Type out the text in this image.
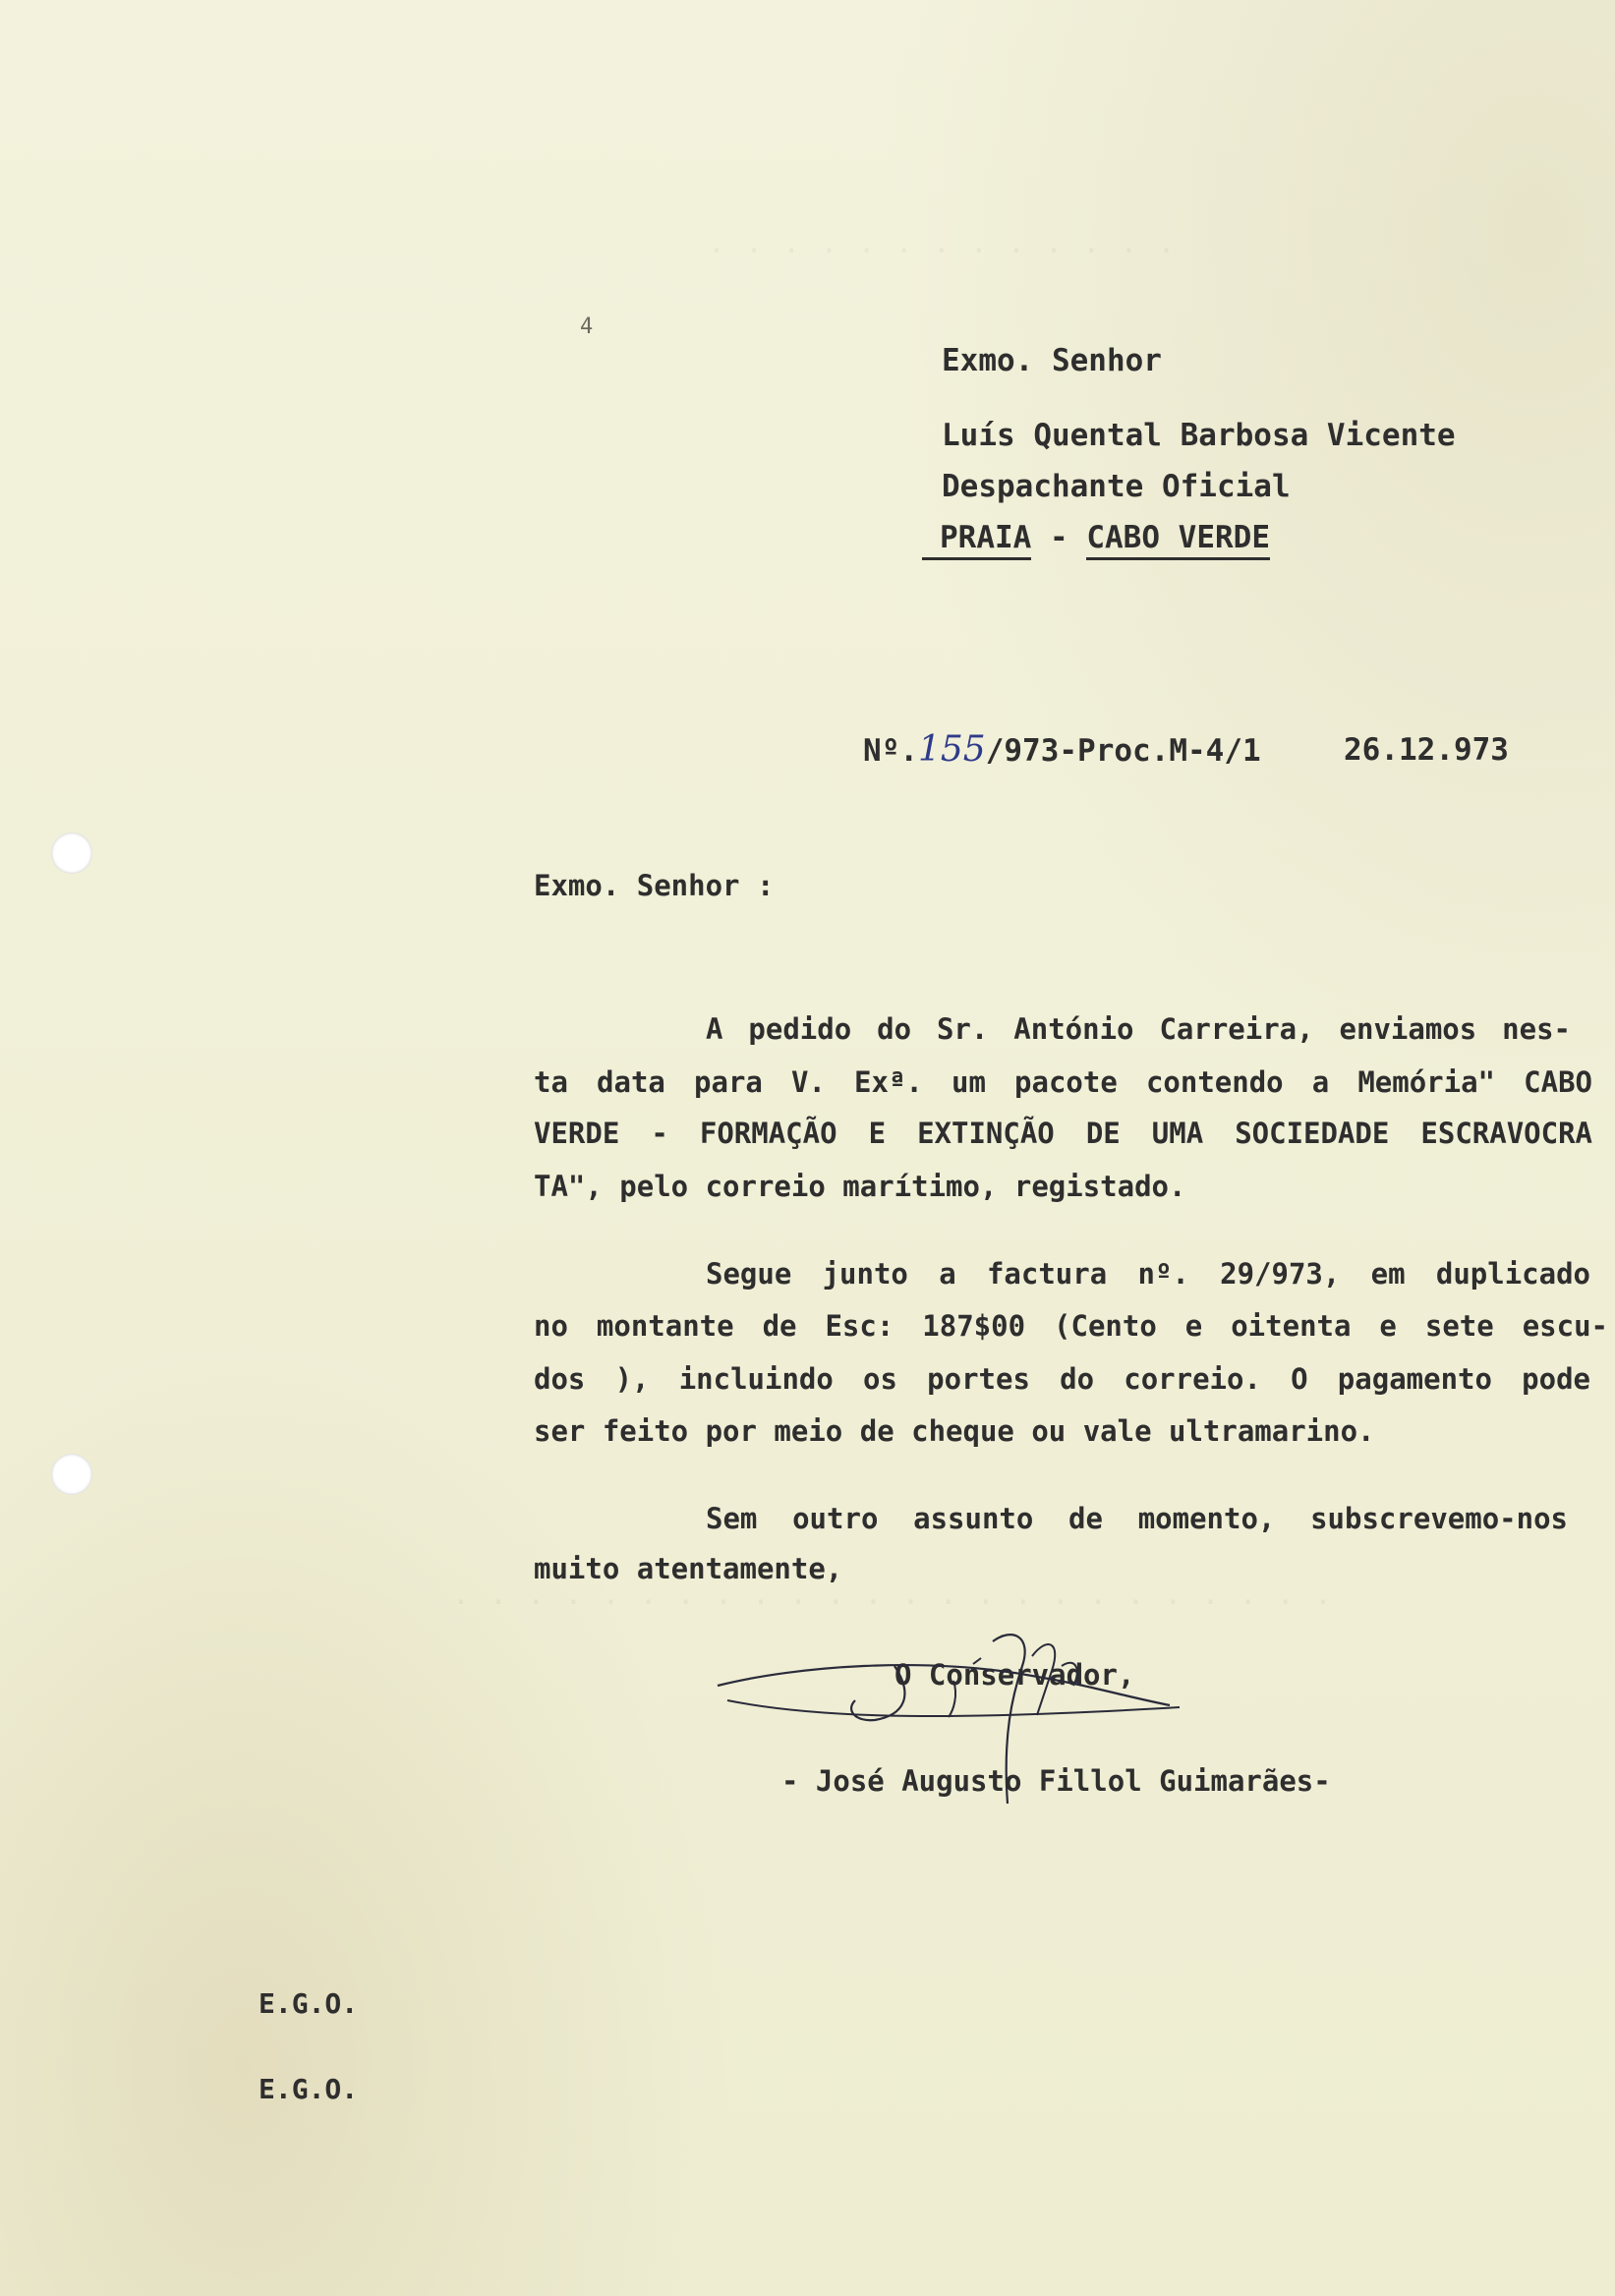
. . . . . . . . . . . . .
. . . . . . . . . . . . . . . . . . . . . . . .
4
Exmo. Senhor
Luís Quental Barbosa Vicente
Despachante Oficial
PRAIA - CABO VERDE
Nº.155/973-Proc.M-4/1	26.12.973
Exmo. Senhor :
A pedido do Sr. António Carreira, enviamos nes-
ta data para V. Exª. um pacote contendo a Memória" CABO
VERDE - FORMAÇÃO E EXTINÇÃO DE UMA SOCIEDADE ESCRAVOCRA
TA", pelo correio marítimo, registado.
Segue junto a factura nº. 29/973, em duplicado
no montante de Esc: 187$00 (Cento e oitenta e sete escu-
dos ), incluindo os portes do correio. O pagamento pode
ser feito por meio de cheque ou vale ultramarino.
Sem outro assunto de momento, subscrevemo-nos
muito atentamente,
O Conservador,
- José Augusto Fillol Guimarães-
E.G.O.
E.G.O.
